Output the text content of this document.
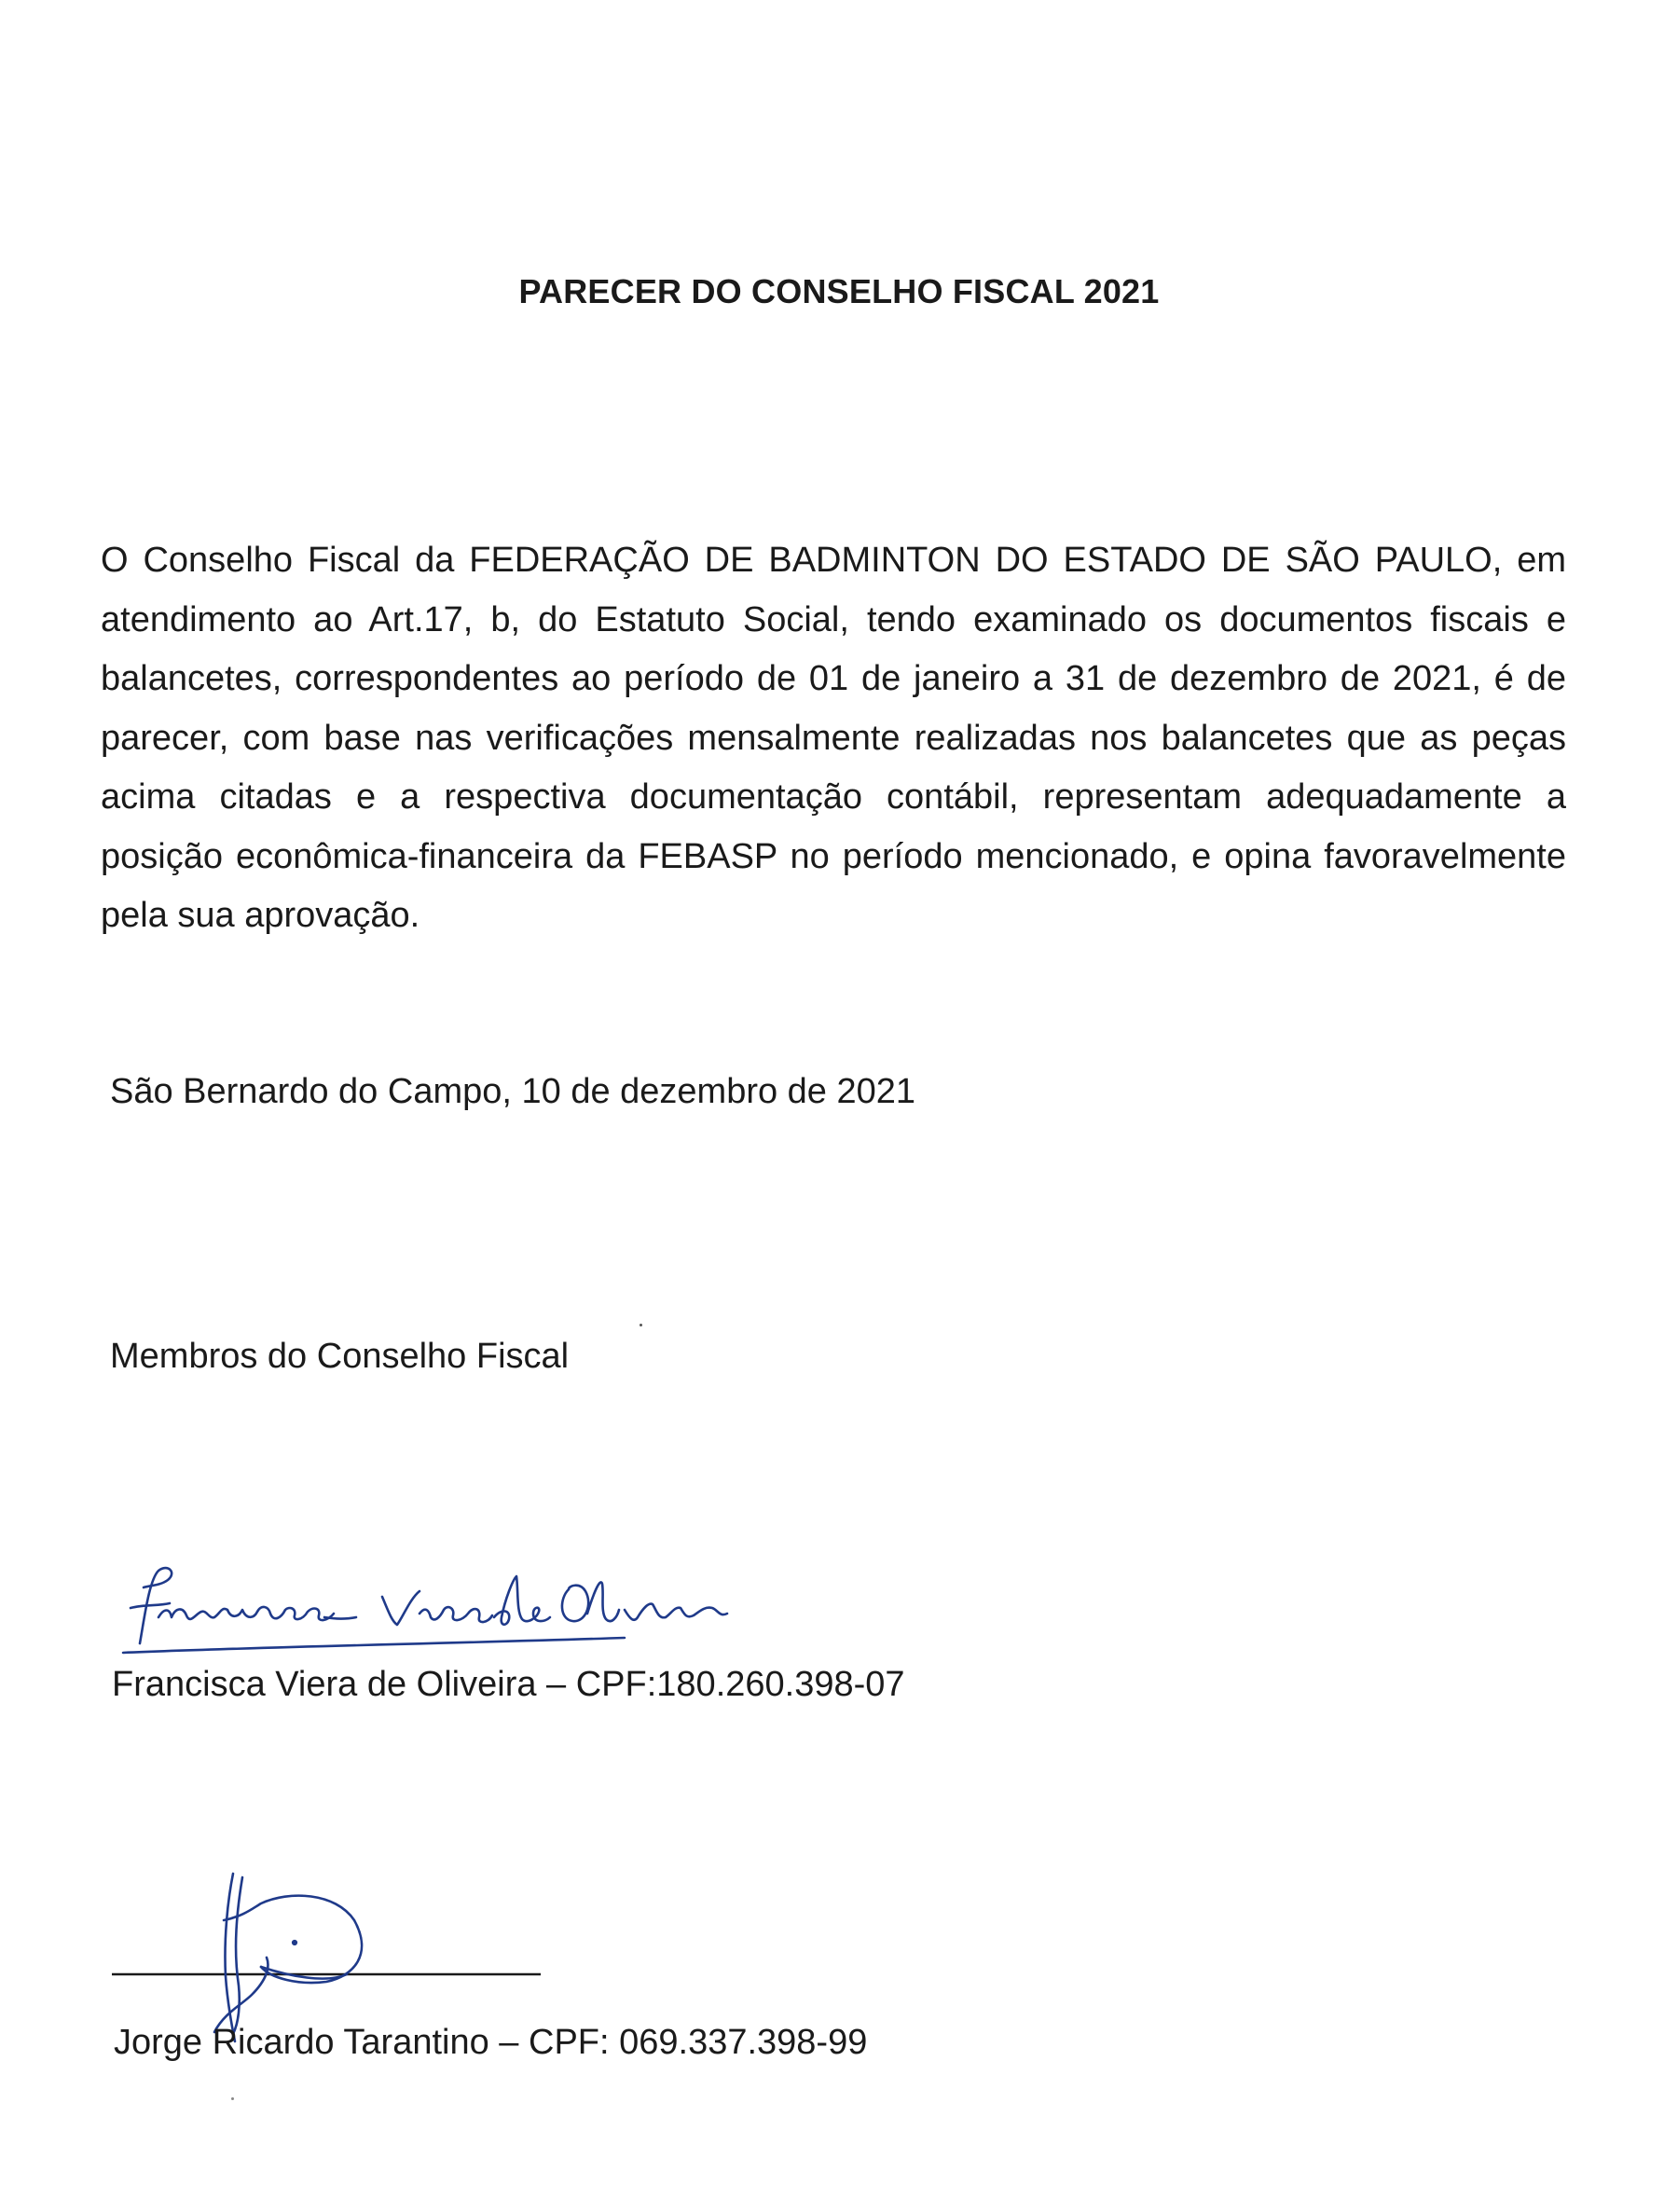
PARECER DO CONSELHO FISCAL 2021
O Conselho Fiscal da FEDERAÇÃO DE BADMINTON DO ESTADO DE SÃO PAULO, em atendimento ao Art.17, b, do Estatuto Social, tendo examinado os documentos fiscais e balancetes, correspondentes ao período de 01 de janeiro a 31 de dezembro de 2021, é de parecer, com base nas verificações mensalmente realizadas nos balancetes que as peças acima citadas e a respectiva documentação contábil, representam adequadamente a posição econômica-financeira da FEBASP no período mencionado, e opina favoravelmente pela sua aprovação.
São Bernardo do Campo, 10 de dezembro de 2021
Membros do Conselho Fiscal
Francisca Viera de Oliveira – CPF:180.260.398-07
Jorge Ricardo Tarantino – CPF: 069.337.398-99
